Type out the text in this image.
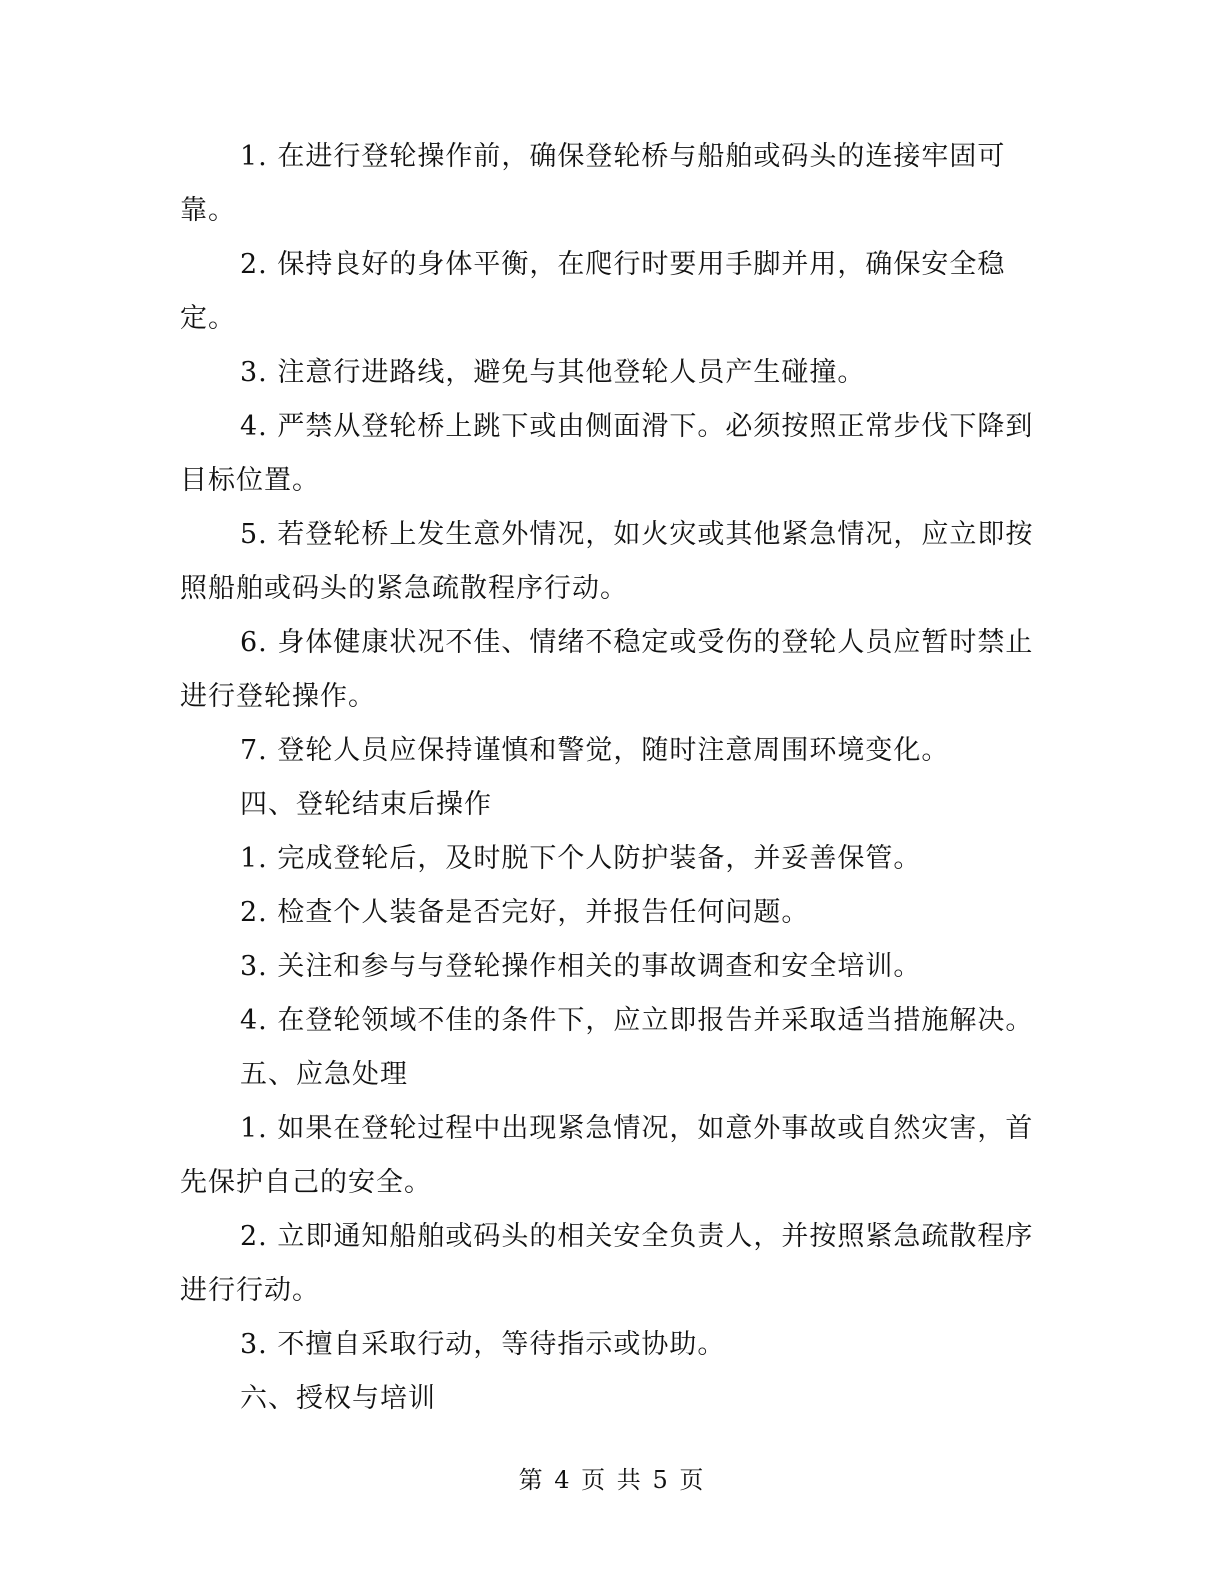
1. 在进行登轮操作前，确保登轮桥与船舶或码头的连接牢固可靠。

2. 保持良好的身体平衡，在爬行时要用手脚并用，确保安全稳定。

3. 注意行进路线，避免与其他登轮人员产生碰撞。

4. 严禁从登轮桥上跳下或由侧面滑下。必须按照正常步伐下降到目标位置。

5. 若登轮桥上发生意外情况，如火灾或其他紧急情况，应立即按照船舶或码头的紧急疏散程序行动。

6. 身体健康状况不佳、情绪不稳定或受伤的登轮人员应暂时禁止进行登轮操作。

7. 登轮人员应保持谨慎和警觉，随时注意周围环境变化。

四、登轮结束后操作

1. 完成登轮后，及时脱下个人防护装备，并妥善保管。

2. 检查个人装备是否完好，并报告任何问题。

3. 关注和参与与登轮操作相关的事故调查和安全培训。

4. 在登轮领域不佳的条件下，应立即报告并采取适当措施解决。

五、应急处理

1. 如果在登轮过程中出现紧急情况，如意外事故或自然灾害，首先保护自己的安全。

2. 立即通知船舶或码头的相关安全负责人，并按照紧急疏散程序进行行动。

3. 不擅自采取行动，等待指示或协助。

六、授权与培训

第 4 页 共 5 页
